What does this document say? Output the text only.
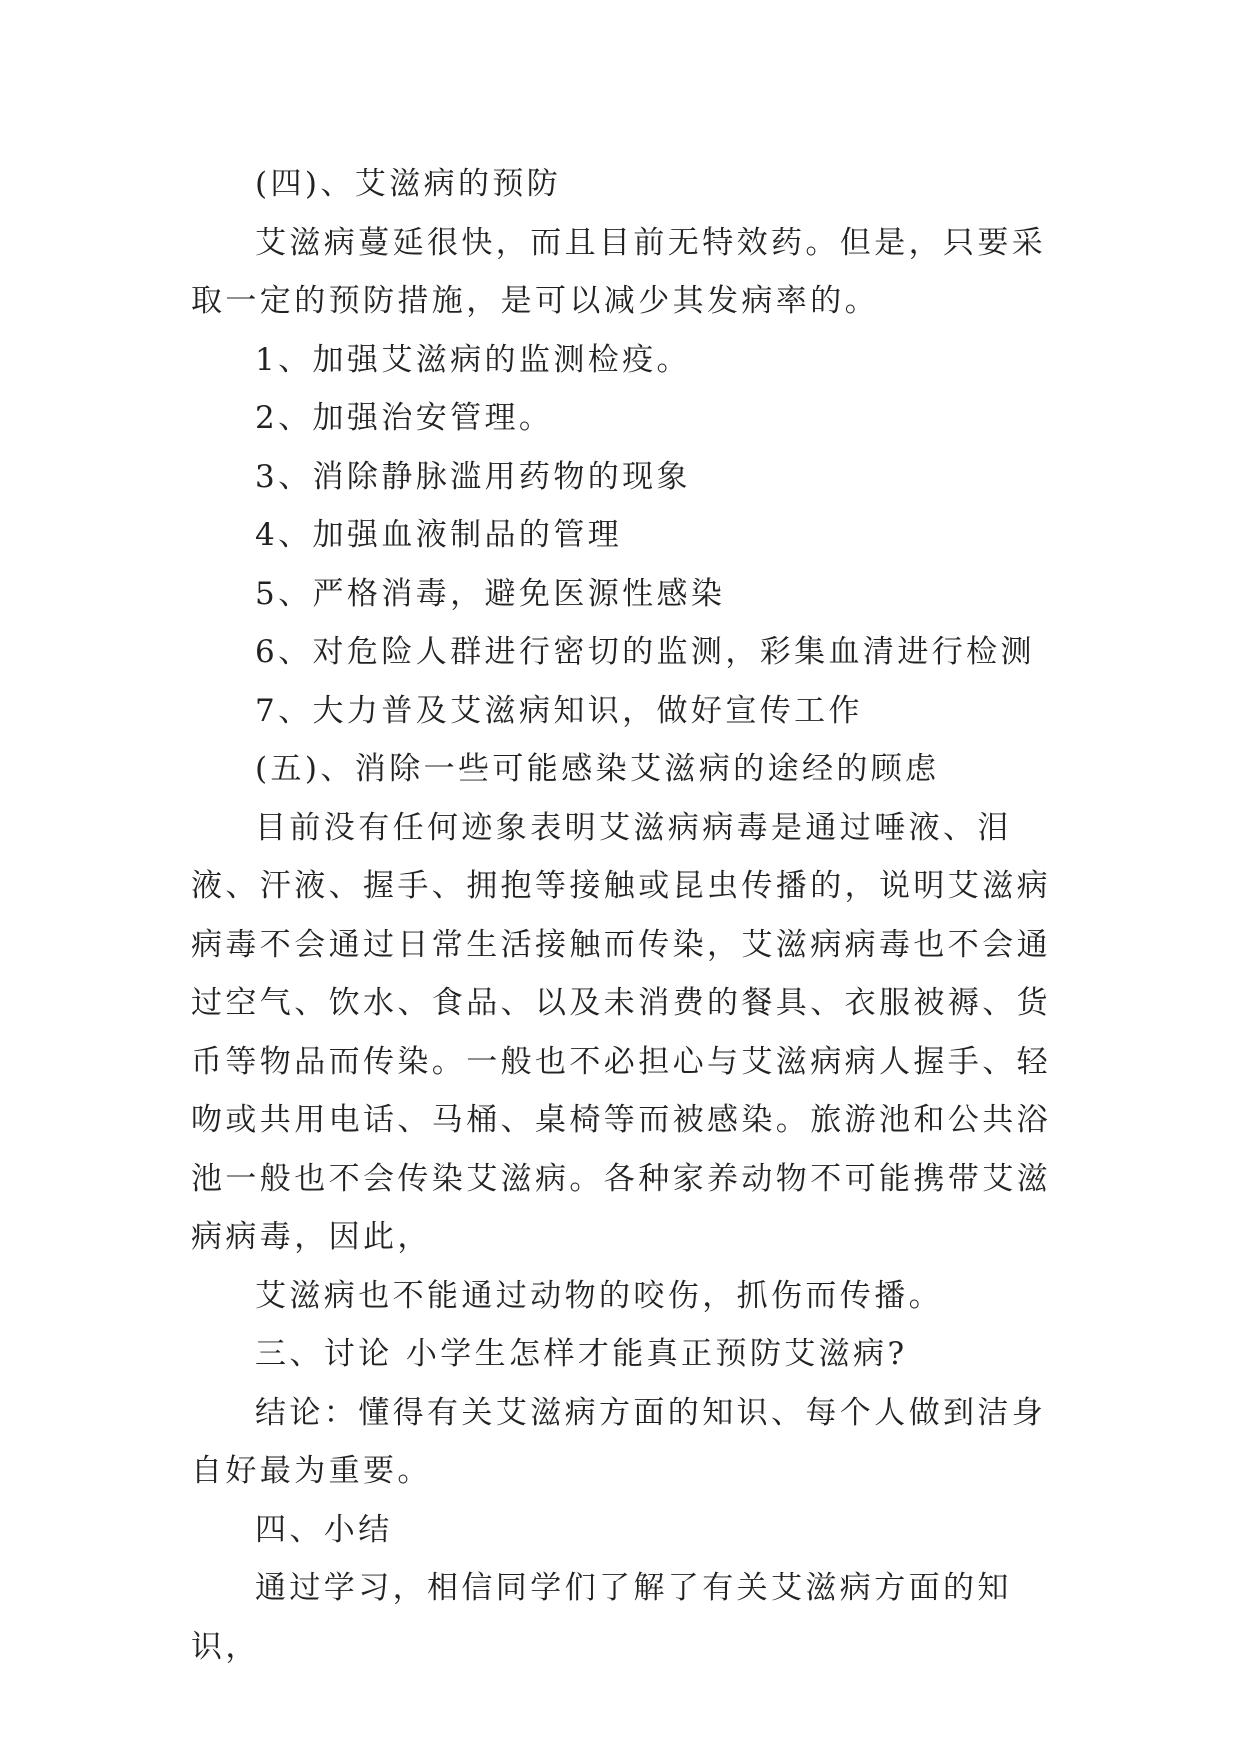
(四)、艾滋病的预防

艾滋病蔓延很快，而且目前无特效药。但是，只要采取一定的预防措施，是可以减少其发病率的。

1、加强艾滋病的监测检疫。

2、加强治安管理。

3、消除静脉滥用药物的现象

4、加强血液制品的管理

5、严格消毒，避免医源性感染

6、对危险人群进行密切的监测，彩集血清进行检测

7、大力普及艾滋病知识，做好宣传工作

(五)、消除一些可能感染艾滋病的途经的顾虑

目前没有任何迹象表明艾滋病病毒是通过唾液、泪液、汗液、握手、拥抱等接触或昆虫传播的，说明艾滋病病毒不会通过日常生活接触而传染，艾滋病病毒也不会通过空气、饮水、食品、以及未消费的餐具、衣服被褥、货币等物品而传染。一般也不必担心与艾滋病病人握手、轻吻或共用电话、马桶、桌椅等而被感染。旅游池和公共浴池一般也不会传染艾滋病。各种家养动物不可能携带艾滋病病毒，因此，

艾滋病也不能通过动物的咬伤，抓伤而传播。

三、讨论 小学生怎样才能真正预防艾滋病?

结论：懂得有关艾滋病方面的知识、每个人做到洁身自好最为重要。

四、小结

通过学习，相信同学们了解了有关艾滋病方面的知识，
